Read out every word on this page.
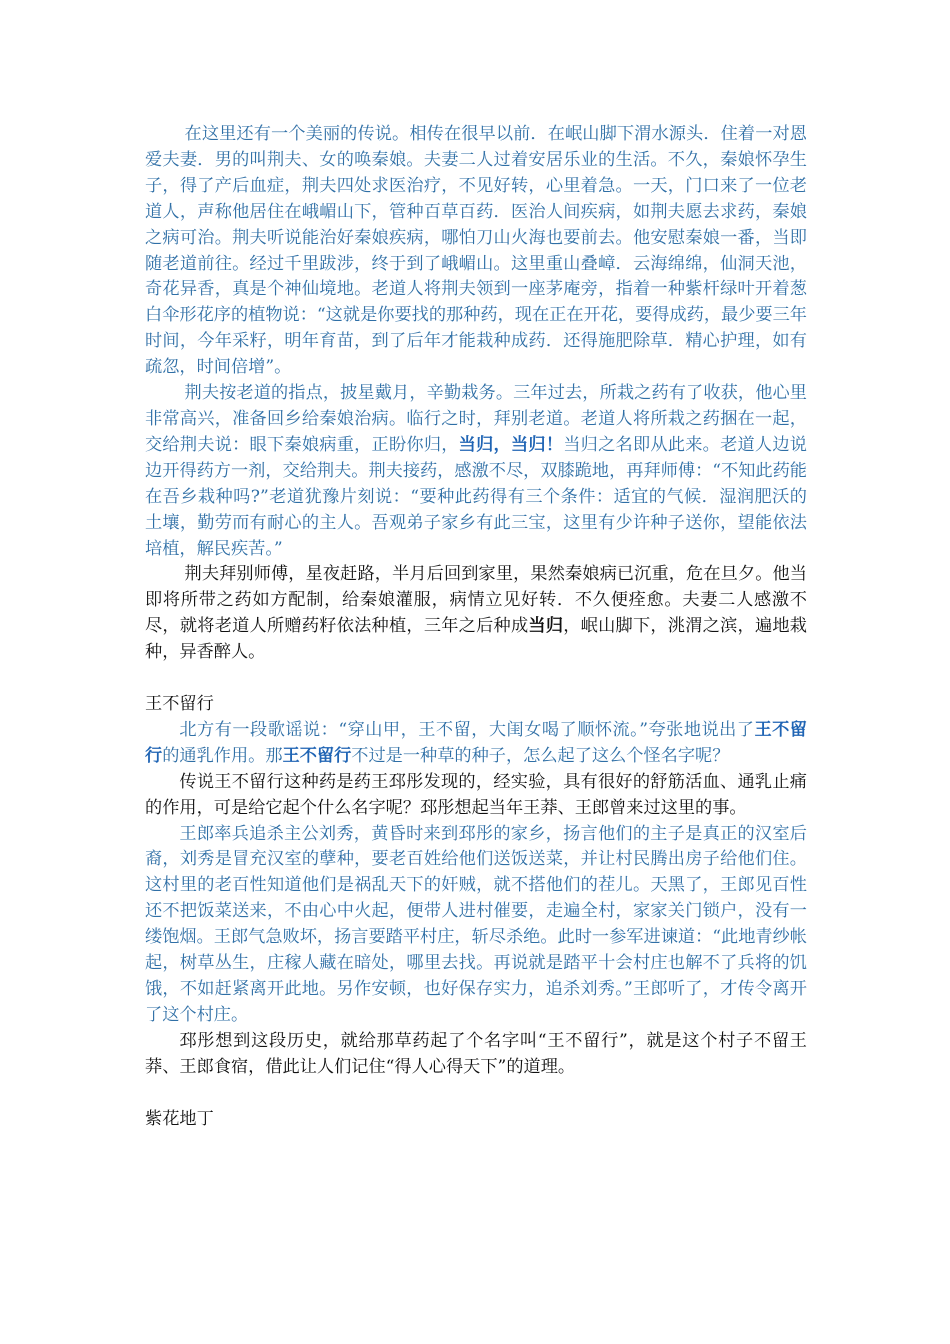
在这里还有一个美丽的传说。相传在很早以前．在岷山脚下渭水源头．住着一对恩爱夫妻．男的叫荆夫、女的唤秦娘。夫妻二人过着安居乐业的生活。不久，秦娘怀孕生子，得了产后血症，荆夫四处求医治疗，不见好转，心里着急。一天，门口来了一位老道人，声称他居住在峨嵋山下，管种百草百药．医治人间疾病，如荆夫愿去求药，秦娘之病可治。荆夫听说能治好秦娘疾病，哪怕刀山火海也要前去。他安慰秦娘一番，当即随老道前往。经过千里跋涉，终于到了峨嵋山。这里重山叠嶂．云海绵绵，仙洞天池，奇花异香，真是个神仙境地。老道人将荆夫领到一座茅庵旁，指着一种紫杆绿叶开着葱白伞形花序的植物说：“这就是你要找的那种药，现在正在开花，要得成药，最少要三年时间，今年采籽，明年育苗，到了后年才能栽种成药．还得施肥除草．精心护理，如有疏忽，时间倍增”。

荆夫按老道的指点，披星戴月，辛勤栽务。三年过去，所栽之药有了收获，他心里非常高兴，准备回乡给秦娘治病。临行之时，拜别老道。老道人将所栽之药捆在一起，交给荆夫说：眼下秦娘病重，正盼你归，当归，当归！当归之名即从此来。老道人边说边开得药方一剂，交给荆夫。荆夫接药，感激不尽，双膝跪地，再拜师傅：“不知此药能在吾乡栽种吗?”老道犹豫片刻说：“要种此药得有三个条件：适宜的气候．湿润肥沃的土壤，勤劳而有耐心的主人。吾观弟子家乡有此三宝，这里有少许种子送你，望能依法培植，解民疾苦。”

荆夫拜别师傅，星夜赶路，半月后回到家里，果然秦娘病已沉重，危在旦夕。他当即将所带之药如方配制，给秦娘灌服，病情立见好转．不久便痊愈。夫妻二人感激不尽，就将老道人所赠药籽依法种植，三年之后种成当归，岷山脚下，洮渭之滨，遍地栽种，异香醉人。

王不留行

北方有一段歌谣说：“穿山甲，王不留，大闺女喝了顺怀流。”夸张地说出了王不留行的通乳作用。那王不留行不过是一种草的种子，怎么起了这么个怪名字呢？

传说王不留行这种药是药王邳彤发现的，经实验，具有很好的舒筋活血、通乳止痛的作用，可是给它起个什么名字呢？邳彤想起当年王莽、王郎曾来过这里的事。

王郎率兵追杀主公刘秀，黄昏时来到邳彤的家乡，扬言他们的主子是真正的汉室后裔，刘秀是冒充汉室的孽种，要老百姓给他们送饭送菜，并让村民腾出房子给他们住。这村里的老百性知道他们是祸乱天下的奸贼，就不搭他们的茬儿。天黑了，王郎见百性还不把饭菜送来，不由心中火起，便带人进村催要，走遍全村，家家关门锁户，没有一缕饱烟。王郎气急败坏，扬言要踏平村庄，斩尽杀绝。此时一参军进谏道：“此地青纱帐起，树草丛生，庄稼人藏在暗处，哪里去找。再说就是踏平十会村庄也解不了兵将的饥饿，不如赶紧离开此地。另作安顿，也好保存实力，追杀刘秀。”王郎听了，才传令离开了这个村庄。

邳彤想到这段历史，就给那草药起了个名字叫“王不留行”，就是这个村子不留王莽、王郎食宿，借此让人们记住“得人心得天下”的道理。

紫花地丁
